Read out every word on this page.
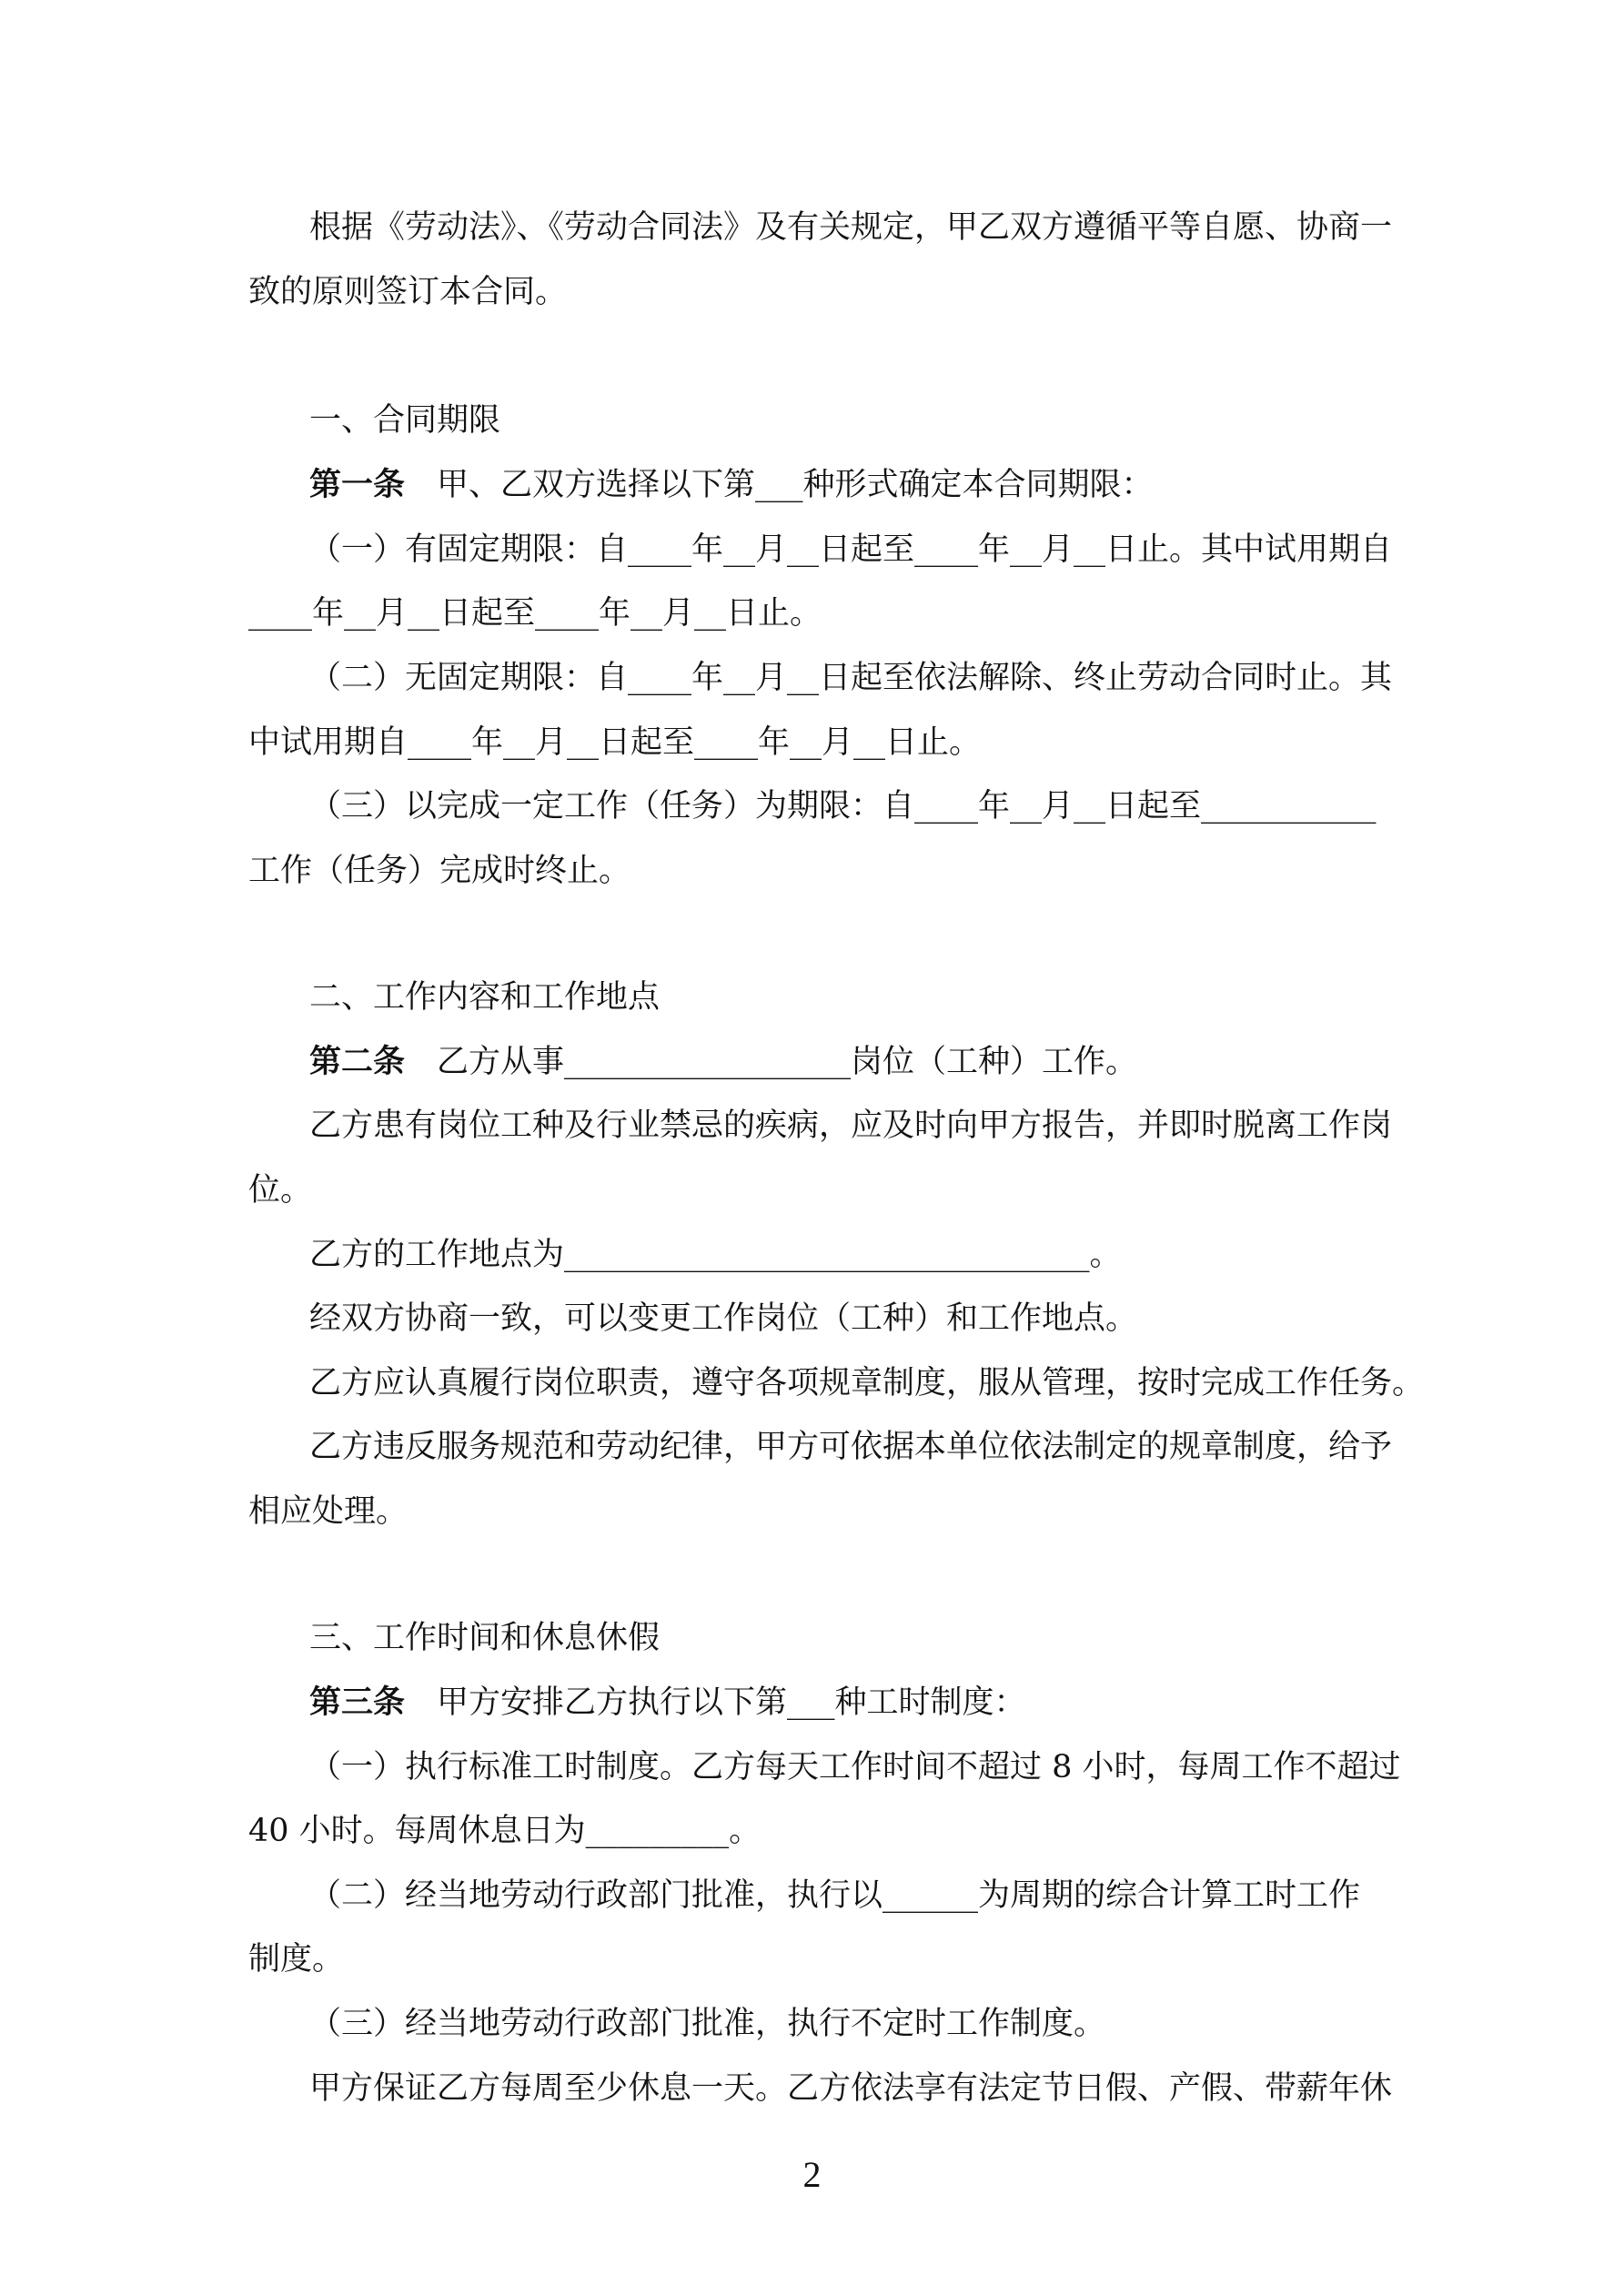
根据《劳动法》、《劳动合同法》及有关规定，甲乙双方遵循平等自愿、协商一

致的原则签订本合同。

一、合同期限

第一条　甲、乙双方选择以下第___种形式确定本合同期限：

（一）有固定期限：自____年__月__日起至____年__月__日止。其中试用期自

____年__月__日起至____年__月__日止。

（二）无固定期限：自____年__月__日起至依法解除、终止劳动合同时止。其

中试用期自____年__月__日起至____年__月__日止。

（三）以完成一定工作（任务）为期限：自____年__月__日起至___________

工作（任务）完成时终止。

二、工作内容和工作地点

第二条　乙方从事__________________岗位（工种）工作。

乙方患有岗位工种及行业禁忌的疾病，应及时向甲方报告，并即时脱离工作岗

位。

乙方的工作地点为_________________________________。

经双方协商一致，可以变更工作岗位（工种）和工作地点。

乙方应认真履行岗位职责，遵守各项规章制度，服从管理，按时完成工作任务。

乙方违反服务规范和劳动纪律，甲方可依据本单位依法制定的规章制度，给予

相应处理。

三、工作时间和休息休假

第三条　甲方安排乙方执行以下第___种工时制度：

（一）执行标准工时制度。乙方每天工作时间不超过 8 小时，每周工作不超过

40 小时。每周休息日为_________。

（二）经当地劳动行政部门批准，执行以______为周期的综合计算工时工作

制度。

（三）经当地劳动行政部门批准，执行不定时工作制度。

甲方保证乙方每周至少休息一天。乙方依法享有法定节日假、产假、带薪年休

2
